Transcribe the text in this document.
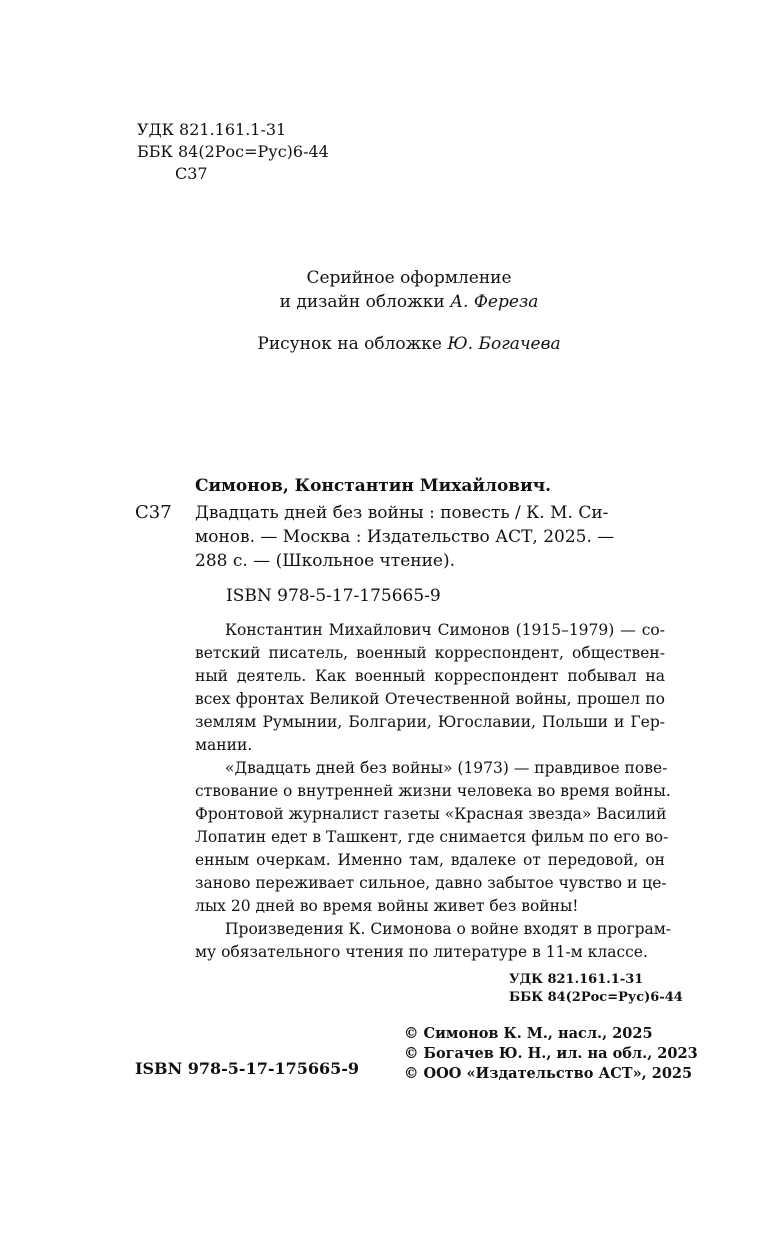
УДК 821.161.1-31
ББК 84(2Рос=Рус)6-44
С37
Серийное оформление
и дизайн обложки А. Фереза
Рисунок на обложке Ю. Богачева
Симонов, Константин Михайлович.
С37 Двадцать дней без войны : повесть / К. М. Си-
монов. — Москва : Издательство АСТ, 2025. —
288 с. — (Школьное чтение).
ISBN 978-5-17-175665-9
Константин Михайлович Симонов (1915–1979) — со-
ветский писатель, военный корреспондент, обществен-
ный деятель. Как военный корреспондент побывал на
всех фронтах Великой Отечественной войны, прошел по
землям Румынии, Болгарии, Югославии, Польши и Гер-
мании.
«Двадцать дней без войны» (1973) — правдивое пове-
ствование о внутренней жизни человека во время войны.
Фронтовой журналист газеты «Красная звезда» Василий
Лопатин едет в Ташкент, где снимается фильм по его во-
енным очеркам. Именно там, вдалеке от передовой, он
заново переживает сильное, давно забытое чувство и це-
лых 20 дней во время войны живет без войны!
Произведения К. Симонова о войне входят в програм-
му обязательного чтения по литературе в 11-м классе.
УДК 821.161.1-31
ББК 84(2Рос=Рус)6-44
© Симонов К. М., насл., 2025
© Богачев Ю. Н., ил. на обл., 2023
© ООО «Издательство АСТ», 2025
ISBN 978-5-17-175665-9
